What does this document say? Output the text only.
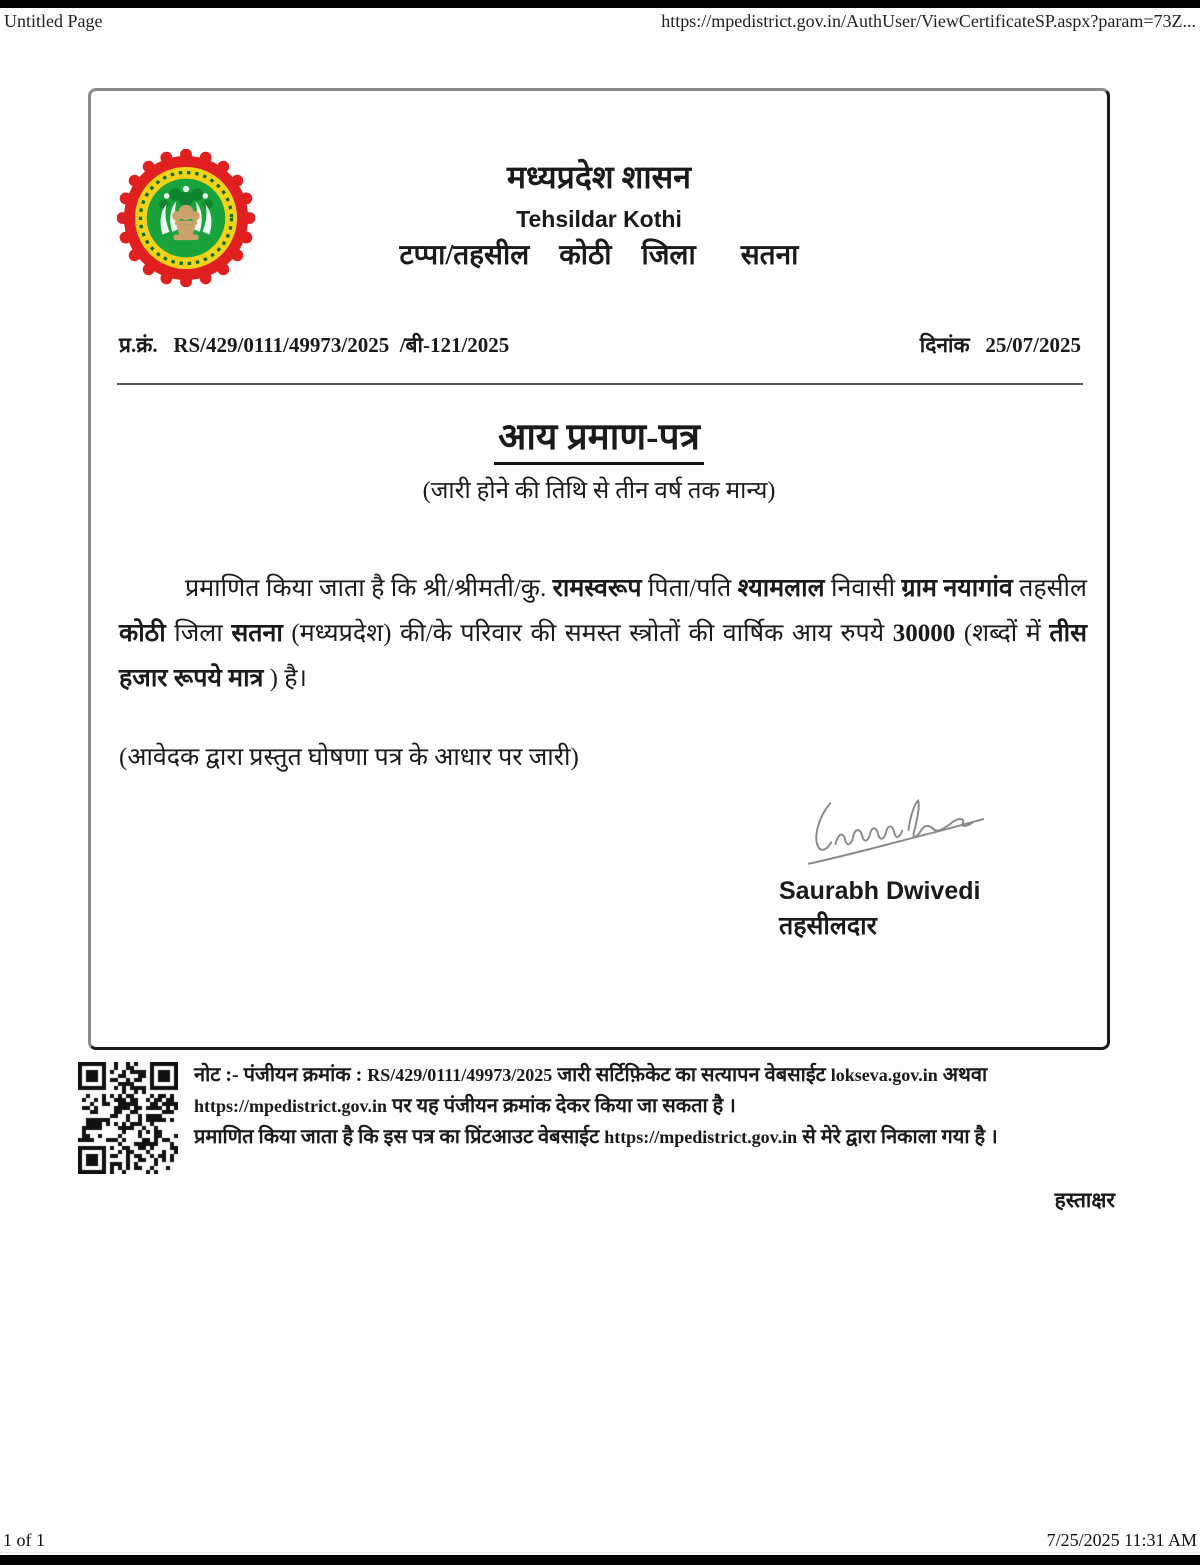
Untitled Page	https://mpedistrict.gov.in/AuthUser/ViewCertificateSP.aspx?param=73Z...
मध्यप्रदेश शासन
Tehsildar Kothi
टप्पा/तहसील  कोठी  जिला   सतना
प्र.क्रं.   RS/429/0111/49973/2025  /बी-121/2025	दिनांक   25/07/2025
आय प्रमाण-पत्र
(जारी होने की तिथि से तीन वर्ष तक मान्य)

प्रमाणित किया जाता है कि श्री/श्रीमती/कु. रामस्वरूप पिता/पति श्यामलाल निवासी ग्राम नयागांव तहसील कोठी जिला सतना (मध्यप्रदेश) की/के परिवार की समस्त स्त्रोतों की वार्षिक आय रुपये 30000 (शब्दों में तीस हजार रूपये मात्र ) है।

(आवेदक द्वारा प्रस्तुत घोषणा पत्र के आधार पर जारी)
Saurabh Dwivedi
तहसीलदार

नोट :- पंजीयन क्रमांक : RS/429/0111/49973/2025 जारी सर्टिफ़िकेट का सत्यापन वेबसाईट lokseva.gov.in अथवा https://mpedistrict.gov.in पर यह पंजीयन क्रमांक देकर किया जा सकता है ।

प्रमाणित किया जाता है कि इस पत्र का प्रिंटआउट वेबसाईट https://mpedistrict.gov.in से मेरे द्वारा निकाला गया है ।

हस्ताक्षर
1 of 1	7/25/2025 11:31 AM
